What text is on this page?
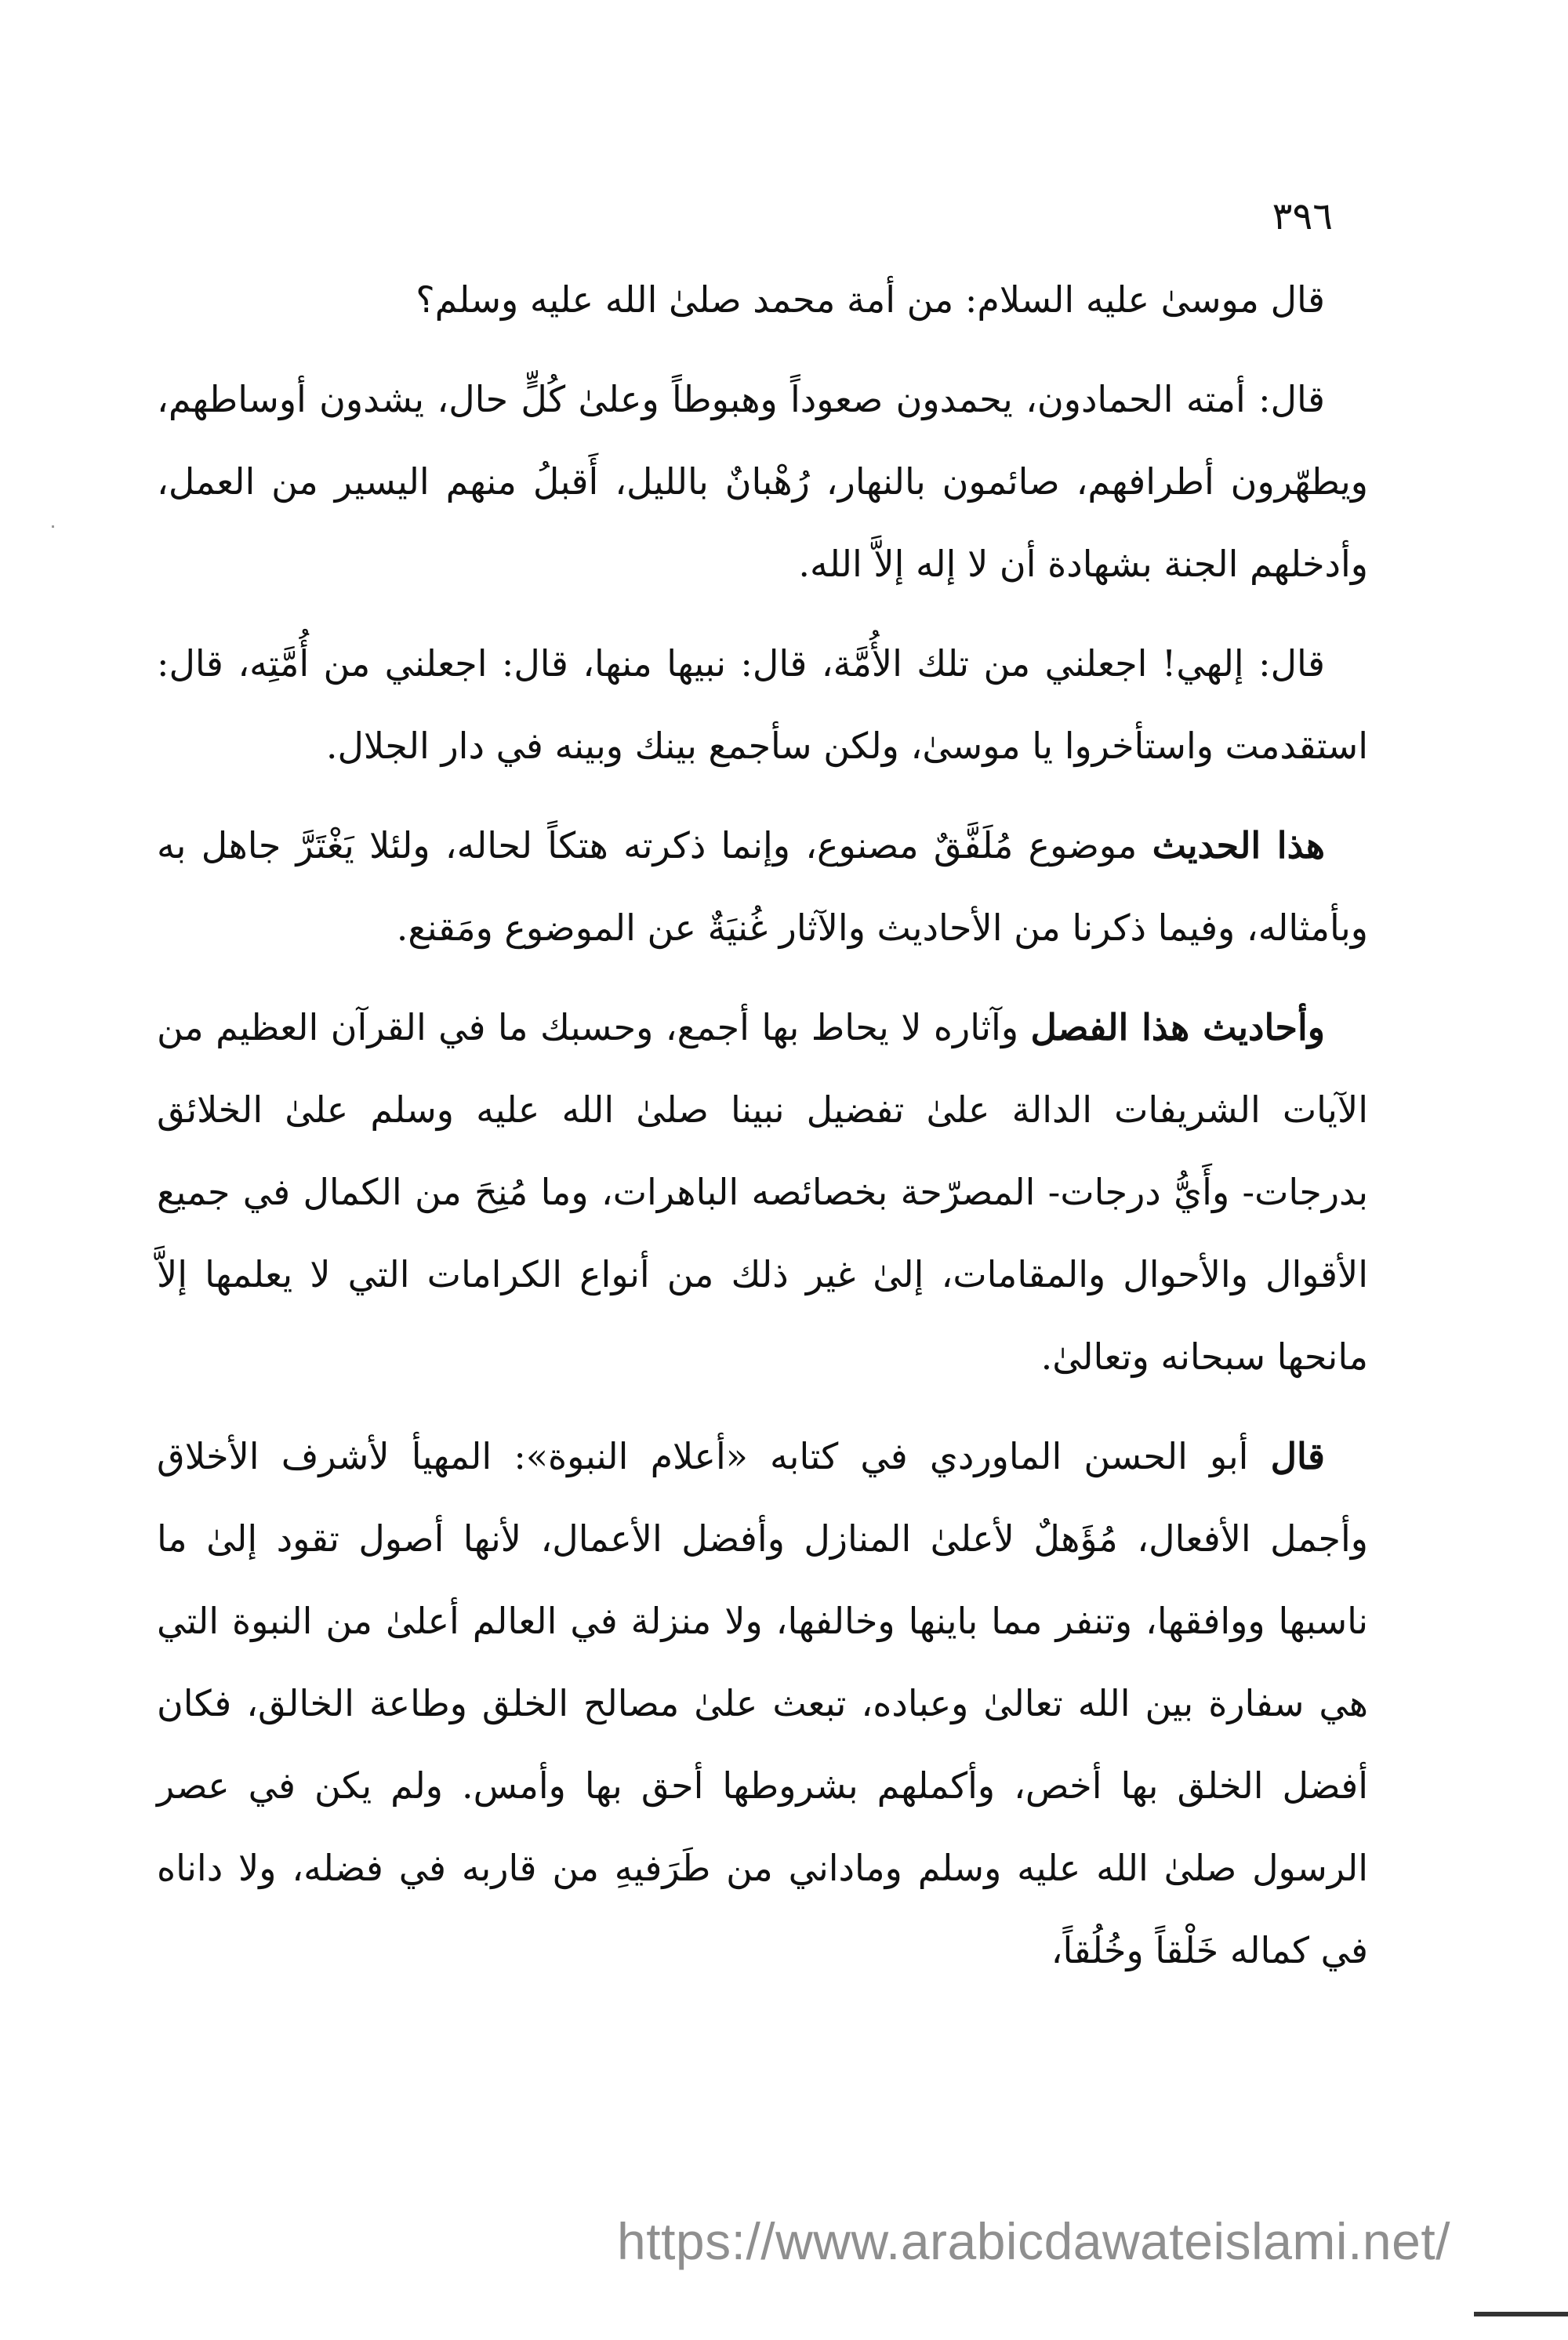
٣٩٦

قال موسىٰ عليه السلام: من أمة محمد صلىٰ الله عليه وسلم؟

قال: أمته الحمادون، يحمدون صعوداً وهبوطاً وعلىٰ كُلٍّ حال، يشدون أوساطهم، ويطهّرون أطرافهم، صائمون بالنهار، رُهْبانٌ بالليل، أَقبلُ منهم اليسير من العمل، وأدخلهم الجنة بشهادة أن لا إله إلاَّ الله.

قال: إلهي! اجعلني من تلك الأُمَّة، قال: نبيها منها، قال: اجعلني من أُمَّتِه، قال: استقدمت واستأخروا يا موسىٰ، ولكن سأجمع بينك وبينه في دار الجلال.

هذا الحديث موضوع مُلَفَّقٌ مصنوع، وإنما ذكرته هتكاً لحاله، ولئلا يَغْتَرَّ جاهل به وبأمثاله، وفيما ذكرنا من الأحاديث والآثار غُنيَةٌ عن الموضوع ومَقنع.

وأحاديث هذا الفصل وآثاره لا يحاط بها أجمع، وحسبك ما في القرآن العظيم من الآيات الشريفات الدالة علىٰ تفضيل نبينا صلىٰ الله عليه وسلم علىٰ الخلائق بدرجات- وأَيُّ درجات- المصرّحة بخصائصه الباهرات، وما مُنِحَ من الكمال في جميع الأقوال والأحوال والمقامات، إلىٰ غير ذلك من أنواع الكرامات التي لا يعلمها إلاَّ مانحها سبحانه وتعالىٰ.

قال أبو الحسن الماوردي في كتابه «أعلام النبوة»: المهيأ لأشرف الأخلاق وأجمل الأفعال، مُؤَهلٌ لأعلىٰ المنازل وأفضل الأعمال، لأنها أصول تقود إلىٰ ما ناسبها ووافقها، وتنفر مما باينها وخالفها، ولا منزلة في العالم أعلىٰ من النبوة التي هي سفارة بين الله تعالىٰ وعباده، تبعث علىٰ مصالح الخلق وطاعة الخالق، فكان أفضل الخلق بها أخص، وأكملهم بشروطها أحق بها وأمس. ولم يكن في عصر الرسول صلىٰ الله عليه وسلم وماداني من طَرَفيهِ من قاربه في فضله، ولا داناه في كماله خَلْقاً وخُلُقاً،

https://www.arabicdawateislami.net/
